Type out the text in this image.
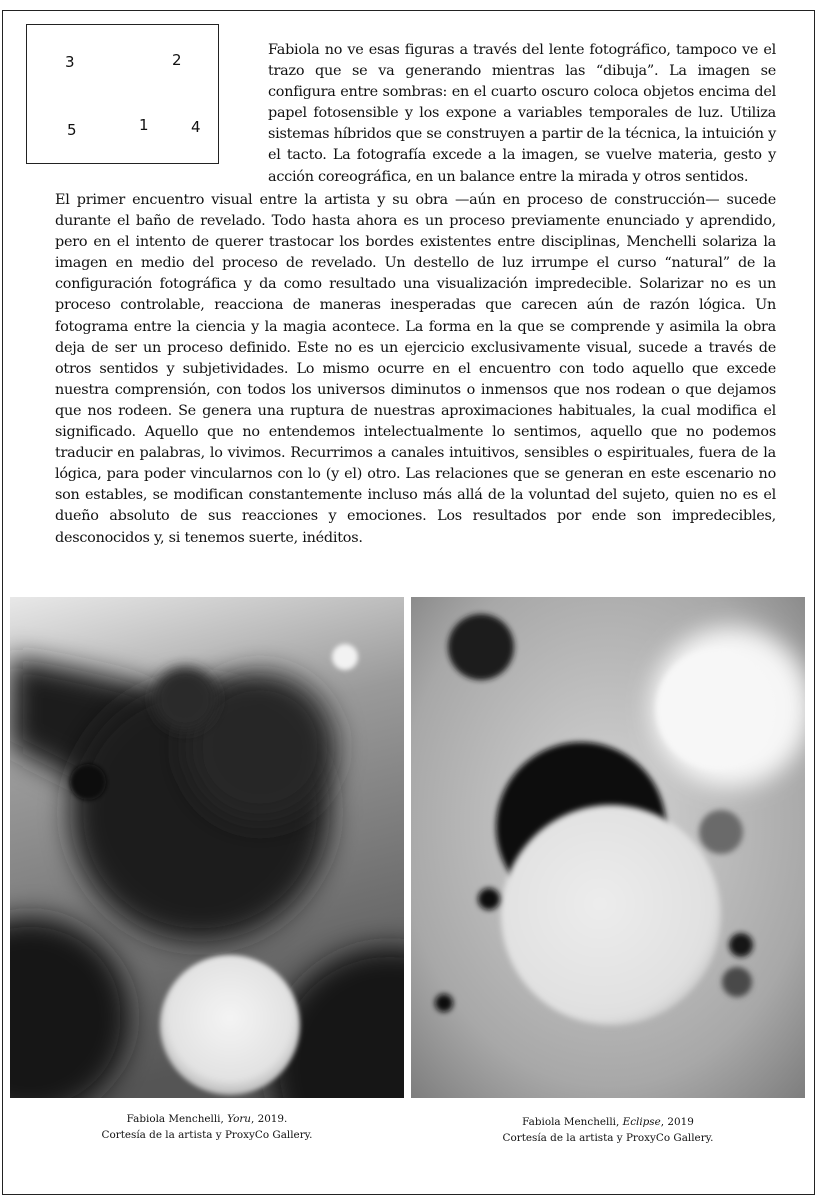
3	2
5	1	4

Fabiola no ve esas figuras a través del lente fotográfico, tampoco ve el trazo que se va generando mientras las “dibuja”. La imagen se configura entre sombras: en el cuarto oscuro coloca objetos encima del papel fotosensible y los expone a variables temporales de luz. Utiliza sistemas híbridos que se construyen a partir de la técnica, la intuición y el tacto. La fotografía excede a la imagen, se vuelve materia, gesto y acción coreográfica, en un balance entre la mirada y otros sentidos.

El primer encuentro visual entre la artista y su obra —aún en proceso de construcción— sucede durante el baño de revelado. Todo hasta ahora es un proceso previamente enunciado y aprendido, pero en el intento de querer trastocar los bordes existentes entre disciplinas, Menchelli solariza la imagen en medio del proceso de revelado. Un destello de luz irrumpe el curso “natural” de la configuración fotográfica y da como resultado una visualización impredecible. Solarizar no es un proceso controlable, reacciona de maneras inesperadas que carecen aún de razón lógica. Un fotograma entre la ciencia y la magia acontece. La forma en la que se comprende y asimila la obra deja de ser un proceso definido. Este no es un ejercicio exclusivamente visual, sucede a través de otros sentidos y subjetividades. Lo mismo ocurre en el encuentro con todo aquello que excede nuestra comprensión, con todos los universos diminutos o inmensos que nos rodean o que dejamos que nos rodeen. Se genera una ruptura de nuestras aproximaciones habituales, la cual modifica el significado. Aquello que no entendemos intelectualmente lo sentimos, aquello que no podemos traducir en palabras, lo vivimos. Recurrimos a canales intuitivos, sensibles o espirituales, fuera de la lógica, para poder vincularnos con lo (y el) otro. Las relaciones que se generan en este escenario no son estables, se modifican constantemente incluso más allá de la voluntad del sujeto, quien no es el dueño absoluto de sus reacciones y emociones. Los resultados por ende son impredecibles, desconocidos y, si tenemos suerte, inéditos.

Fabiola Menchelli, Yoru, 2019.
Cortesía de la artista y ProxyCo Gallery.
Fabiola Menchelli, Eclipse, 2019
Cortesía de la artista y ProxyCo Gallery.
